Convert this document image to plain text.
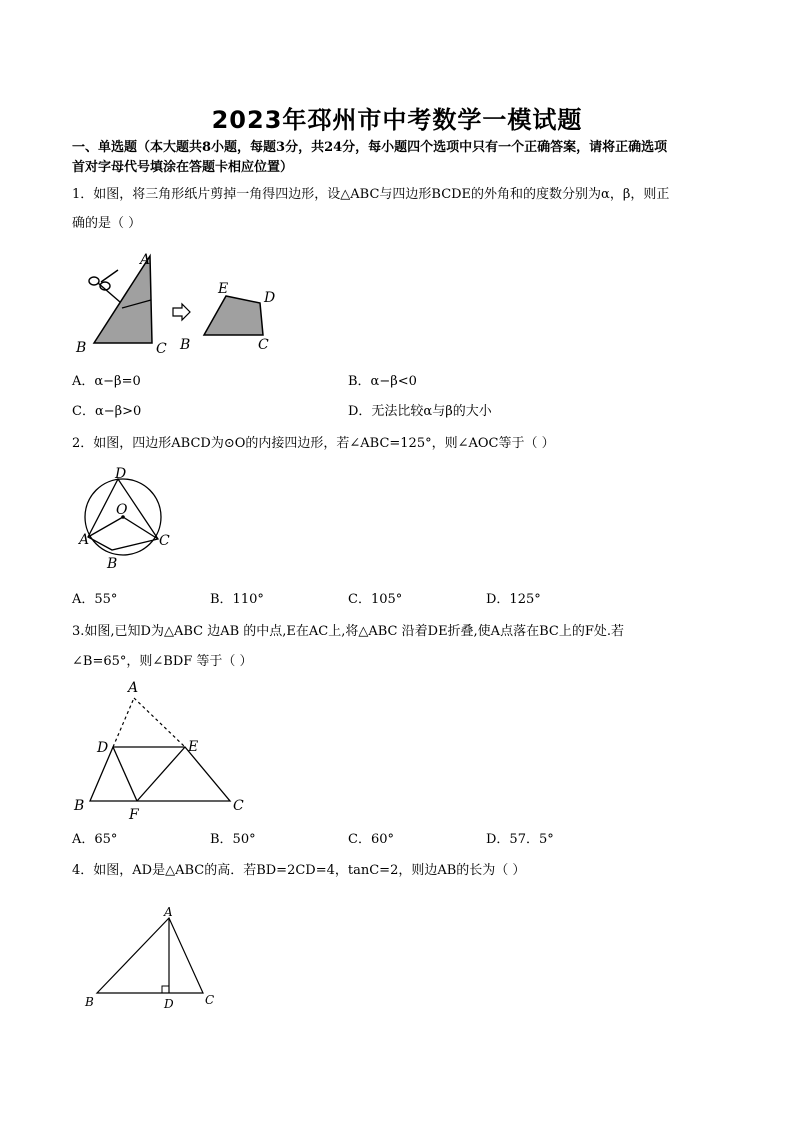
2023年邳州市中考数学一模试题
一、单选题（本大题共8小题，每题3分，共24分，每小题四个选项中只有一个正确答案，请将正确选项
首对字母代号填涂在答题卡相应位置）
1．如图，将三角形纸片剪掉一角得四边形，设△ABC与四边形BCDE的外角和的度数分别为α，β，则正
确的是（ ）
A
B	C
E
D
B	C
A．α−β=0	B．α−β<0
C．α−β>0	D．无法比较α与β的大小
2．如图，四边形ABCD为⊙O的内接四边形，若∠ABC=125°，则∠AOC等于（ ）
D
O
A	C
B
A．55°	B．110°	C．105°	D．125°
3.如图,已知D为△ABC 边AB 的中点,E在AC上,将△ABC 沿着DE折叠,使A点落在BC上的F处.若
∠B=65°，则∠BDF 等于（ ）
A
D	E
B
F
C
A．65°	B．50°	C．60°	D．57．5°
4．如图，AD是△ABC的高．若BD=2CD=4，tanC=2，则边AB的长为（ ）
A
B	D	C
